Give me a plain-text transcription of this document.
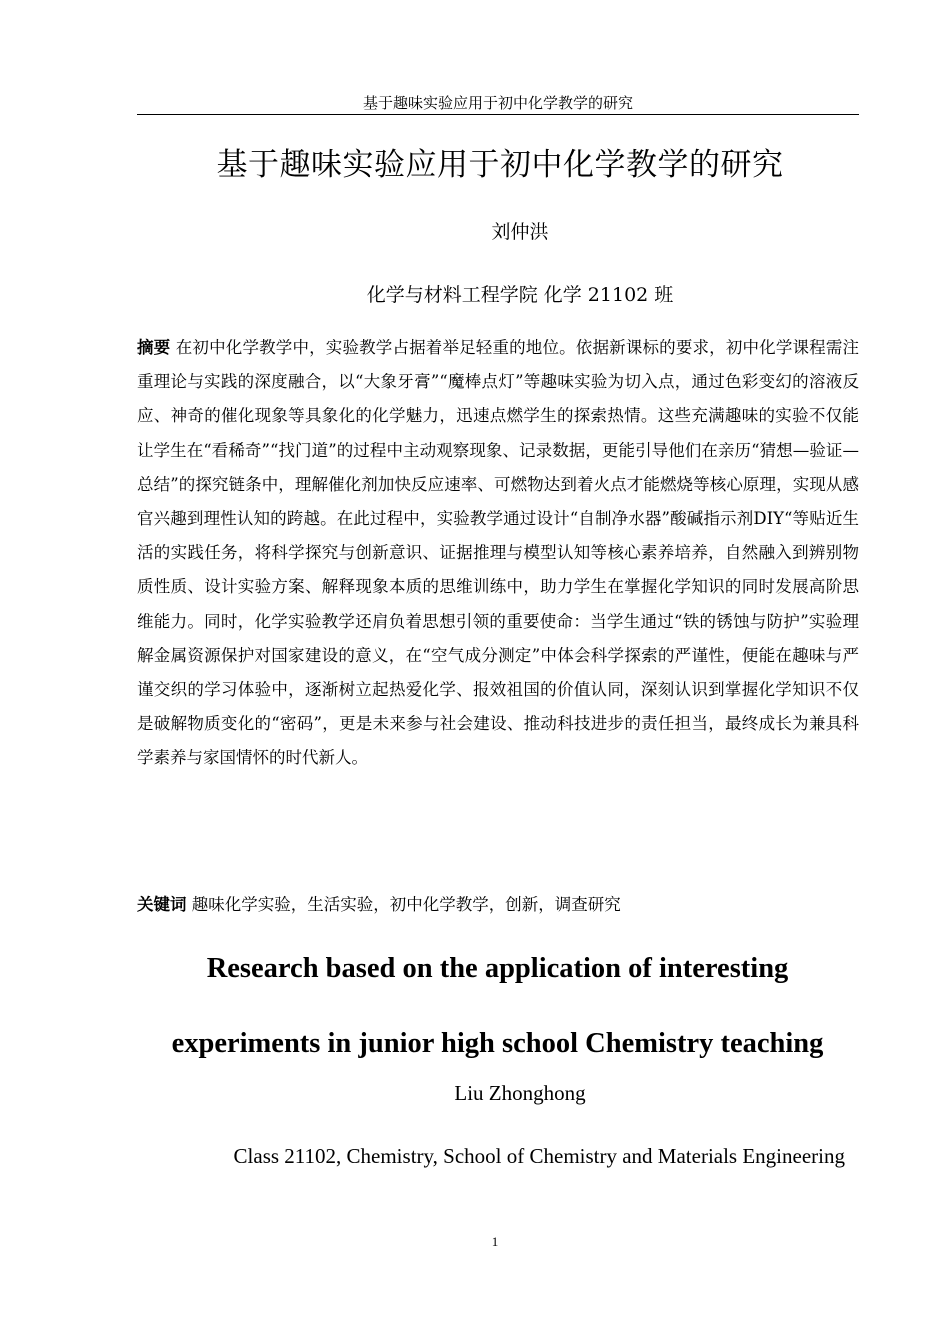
基于趣味实验应用于初中化学教学的研究
基于趣味实验应用于初中化学教学的研究
刘仲洪
化学与材料工程学院 化学 21102 班

摘要 在初中化学教学中，实验教学占据着举足轻重的地位。依据新课标的要求，初中化学课程需注重理论与实践的深度融合，以“大象牙膏”“魔棒点灯”等趣味实验为切入点，通过色彩变幻的溶液反应、神奇的催化现象等具象化的化学魅力，迅速点燃学生的探索热情。这些充满趣味的实验不仅能让学生在“看稀奇”“找门道”的过程中主动观察现象、记录数据，更能引导他们在亲历“猜想—验证—总结”的探究链条中，理解催化剂加快反应速率、可燃物达到着火点才能燃烧等核心原理，实现从感官兴趣到理性认知的跨越。在此过程中，实验教学通过设计“自制净水器”酸碱指示剂DIY“等贴近生活的实践任务，将科学探究与创新意识、证据推理与模型认知等核心素养培养，自然融入到辨别物质性质、设计实验方案、解释现象本质的思维训练中，助力学生在掌握化学知识的同时发展高阶思维能力。同时，化学实验教学还肩负着思想引领的重要使命：当学生通过“铁的锈蚀与防护”实验理解金属资源保护对国家建设的意义，在“空气成分测定”中体会科学探索的严谨性，便能在趣味与严谨交织的学习体验中，逐渐树立起热爱化学、报效祖国的价值认同，深刻认识到掌握化学知识不仅是破解物质变化的“密码”，更是未来参与社会建设、推动科技进步的责任担当，最终成长为兼具科学素养与家国情怀的时代新人。

关键词 趣味化学实验，生活实验，初中化学教学，创新，调查研究

Research based on the application of interesting
experiments in junior high school Chemistry teaching
Liu Zhonghong
Class 21102, Chemistry, School of Chemistry and Materials Engineering
1
